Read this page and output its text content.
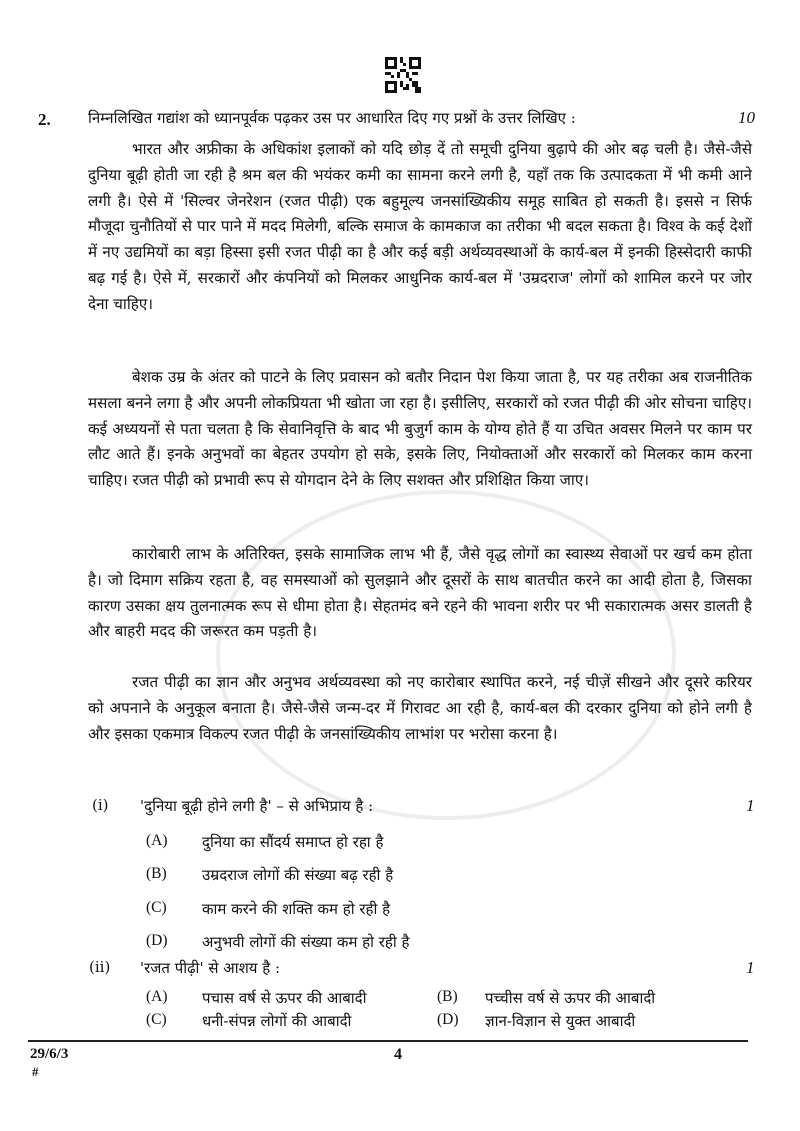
2. निम्नलिखित गद्यांश को ध्यानपूर्वक पढ़कर उस पर आधारित दिए गए प्रश्नों के उत्तर लिखिए :	10

भारत और अफ्रीका के अधिकांश इलाकों को यदि छोड़ दें तो समूची दुनिया बुढ़ापे की ओर बढ़ चली है। जैसे-जैसे दुनिया बूढ़ी होती जा रही है श्रम बल की भयंकर कमी का सामना करने लगी है, यहाँ तक कि उत्पादकता में भी कमी आने लगी है। ऐसे में 'सिल्वर जेनरेशन (रजत पीढ़ी) एक बहुमूल्य जनसांख्यिकीय समूह साबित हो सकती है। इससे न सिर्फ मौजूदा चुनौतियों से पार पाने में मदद मिलेगी, बल्कि समाज के कामकाज का तरीका भी बदल सकता है। विश्व के कई देशों में नए उद्यमियों का बड़ा हिस्सा इसी रजत पीढ़ी का है और कई बड़ी अर्थव्यवस्थाओं के कार्य-बल में इनकी हिस्सेदारी काफी बढ़ गई है। ऐसे में, सरकारों और कंपनियों को मिलकर आधुनिक कार्य-बल में 'उम्रदराज' लोगों को शामिल करने पर जोर देना चाहिए।

बेशक उम्र के अंतर को पाटने के लिए प्रवासन को बतौर निदान पेश किया जाता है, पर यह तरीका अब राजनीतिक मसला बनने लगा है और अपनी लोकप्रियता भी खोता जा रहा है। इसीलिए, सरकारों को रजत पीढ़ी की ओर सोचना चाहिए। कई अध्ययनों से पता चलता है कि सेवानिवृत्ति के बाद भी बुजुर्ग काम के योग्य होते हैं या उचित अवसर मिलने पर काम पर लौट आते हैं। इनके अनुभवों का बेहतर उपयोग हो सके, इसके लिए, नियोक्ताओं और सरकारों को मिलकर काम करना चाहिए। रजत पीढ़ी को प्रभावी रूप से योगदान देने के लिए सशक्त और प्रशिक्षित किया जाए।

कारोबारी लाभ के अतिरिक्त, इसके सामाजिक लाभ भी हैं, जैसे वृद्ध लोगों का स्वास्थ्य सेवाओं पर खर्च कम होता है। जो दिमाग सक्रिय रहता है, वह समस्याओं को सुलझाने और दूसरों के साथ बातचीत करने का आदी होता है, जिसका कारण उसका क्षय तुलनात्मक रूप से धीमा होता है। सेहतमंद बने रहने की भावना शरीर पर भी सकारात्मक असर डालती है और बाहरी मदद की जरूरत कम पड़ती है।

रजत पीढ़ी का ज्ञान और अनुभव अर्थव्यवस्था को नए कारोबार स्थापित करने, नई चीज़ें सीखने और दूसरे करियर को अपनाने के अनुकूल बनाता है। जैसे-जैसे जन्म-दर में गिरावट आ रही है, कार्य-बल की दरकार दुनिया को होने लगी है और इसका एकमात्र विकल्प रजत पीढ़ी के जनसांख्यिकीय लाभांश पर भरोसा करना है।

(i) 'दुनिया बूढ़ी होने लगी है' – से अभिप्राय है :	1
(A) दुनिया का सौंदर्य समाप्त हो रहा है
(B) उम्रदराज लोगों की संख्या बढ़ रही है
(C) काम करने की शक्ति कम हो रही है
(D) अनुभवी लोगों की संख्या कम हो रही है
(ii) 'रजत पीढ़ी' से आशय है :	1
(A) पचास वर्ष से ऊपर की आबादी	(B) पच्चीस वर्ष से ऊपर की आबादी
(C) धनी-संपन्न लोगों की आबादी	(D) ज्ञान-विज्ञान से युक्त आबादी
29/6/3
#
4
